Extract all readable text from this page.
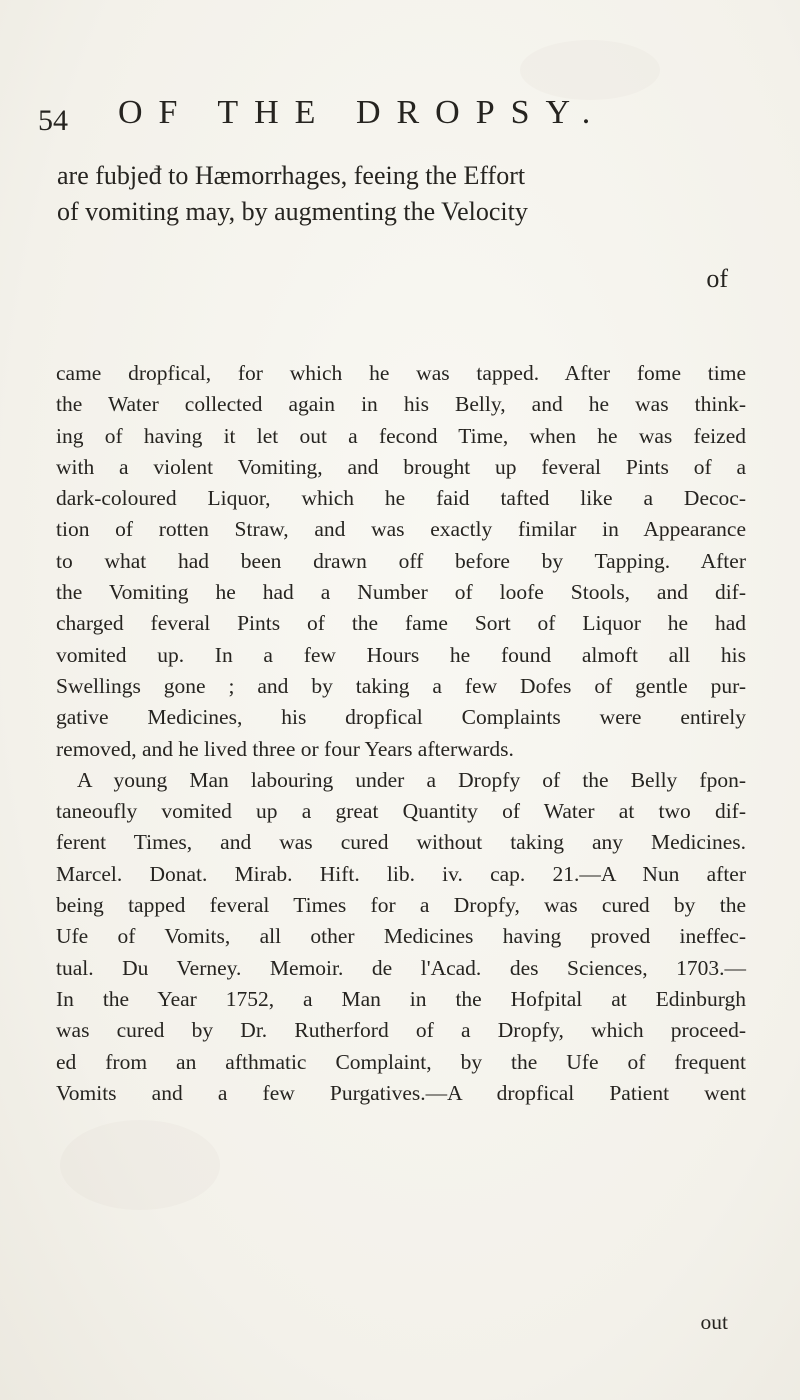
54 OF THE DROPSY.
are fubjeđ to Hæmorrhages, feeing the Effort
of vomiting may, by augmenting the Velocity
of
came dropfical, for which he was tapped. After fome time
the Water collected again in his Belly, and he was think-
ing of having it let out a fecond Time, when he was feized
with a violent Vomiting, and brought up feveral Pints of a
dark-coloured Liquor, which he faid tafted like a Decoc-
tion of rotten Straw, and was exactly fimilar in Appearance
to what had been drawn off before by Tapping. After
the Vomiting he had a Number of loofe Stools, and dif-
charged feveral Pints of the fame Sort of Liquor he had
vomited up. In a few Hours he found almoft all his
Swellings gone ; and by taking a few Dofes of gentle pur-
gative Medicines, his dropfical Complaints were entirely
removed, and he lived three or four Years afterwards.
A young Man labouring under a Dropfy of the Belly fpon-
taneoufly vomited up a great Quantity of Water at two dif-
ferent Times, and was cured without taking any Medicines.
Marcel. Donat. Mirab. Hift. lib. iv. cap. 21.—A Nun after
being tapped feveral Times for a Dropfy, was cured by the
Ufe of Vomits, all other Medicines having proved ineffec-
tual. Du Verney. Memoir. de l'Acad. des Sciences, 1703.—
In the Year 1752, a Man in the Hofpital at Edinburgh
was cured by Dr. Rutherford of a Dropfy, which proceed-
ed from an afthmatic Complaint, by the Ufe of frequent
Vomits and a few Purgatives.—A dropfical Patient went
out
